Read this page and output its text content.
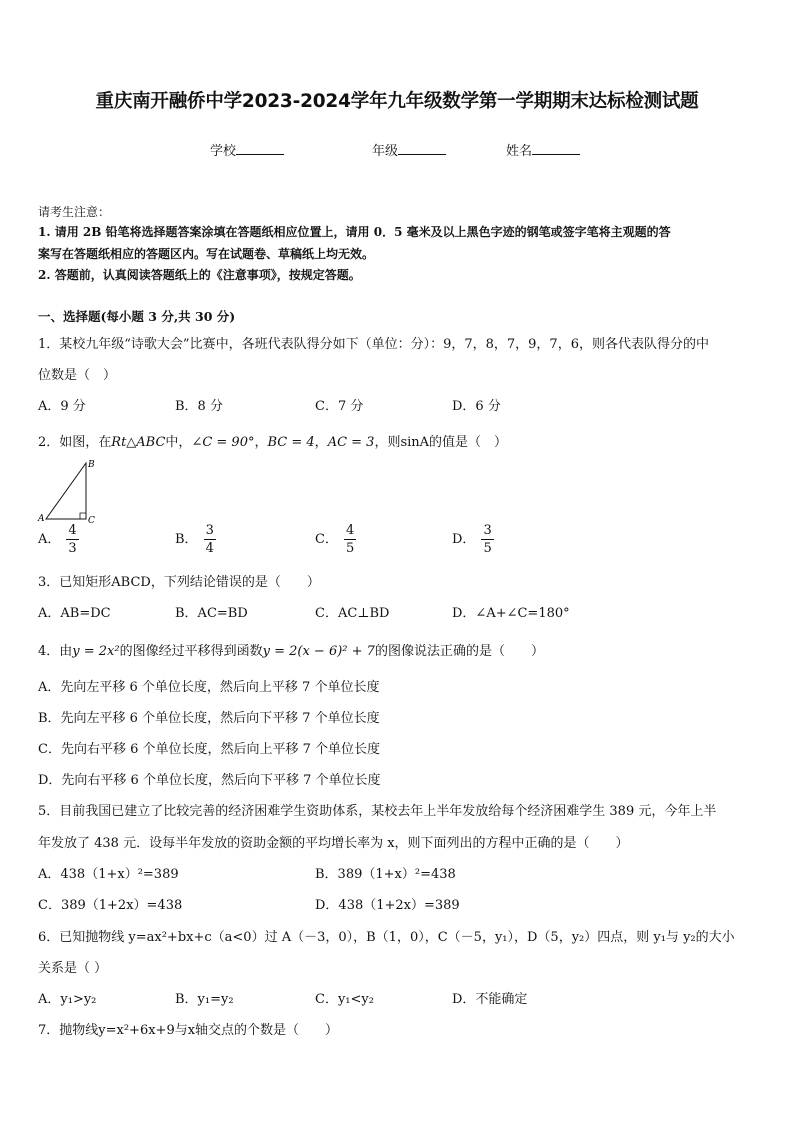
重庆南开融侨中学2023-2024学年九年级数学第一学期期末达标检测试题
学校	年级	姓名
请考生注意：
1. 请用 2B 铅笔将选择题答案涂填在答题纸相应位置上，请用 0．5 毫米及以上黑色字迹的钢笔或签字笔将主观题的答
案写在答题纸相应的答题区内。写在试题卷、草稿纸上均无效。
2. 答题前，认真阅读答题纸上的《注意事项》，按规定答题。
一、选择题(每小题 3 分,共 30 分)
1．某校九年级“诗歌大会”比赛中，各班代表队得分如下（单位：分）：9，7，8，7，9，7，6，则各代表队得分的中
位数是（　）
A．9 分	B．8 分	C．7 分	D．6 分
2．如图，在Rt△ABC中，∠C = 90°，BC = 4，AC = 3，则sinA的值是（　）
B
A	C
A． $\frac{4}{3}$	B． $\frac{3}{4}$	C． $\frac{4}{5}$	D． $\frac{3}{5}$
3．已知矩形ABCD，下列结论错误的是（　　）
A．AB=DC	B．AC=BD	C．AC⊥BD	D．∠A+∠C=180°
4．由y = 2x²的图像经过平移得到函数y = 2(x − 6)² + 7的图像说法正确的是（　　）
A．先向左平移 6 个单位长度，然后向上平移 7 个单位长度
B．先向左平移 6 个单位长度，然后向下平移 7 个单位长度
C．先向右平移 6 个单位长度，然后向上平移 7 个单位长度
D．先向右平移 6 个单位长度，然后向下平移 7 个单位长度
5．目前我国已建立了比较完善的经济困难学生资助体系，某校去年上半年发放给每个经济困难学生 389 元，今年上半
年发放了 438 元．设每半年发放的资助金额的平均增长率为 x，则下面列出的方程中正确的是（　　）
A．438（1+x）²=389	B．389（1+x）²=438
C．389（1+2x）=438	D．438（1+2x）=389
6．已知抛物线 y=ax²+bx+c（a<0）过 A（－3，0），B（1，0），C（－5，y₁），D（5，y₂）四点，则 y₁与 y₂的大小
关系是（ ）
A．y₁>y₂	B．y₁=y₂	C．y₁<y₂	D．不能确定
7．抛物线y=x²+6x+9与x轴交点的个数是（　　）
